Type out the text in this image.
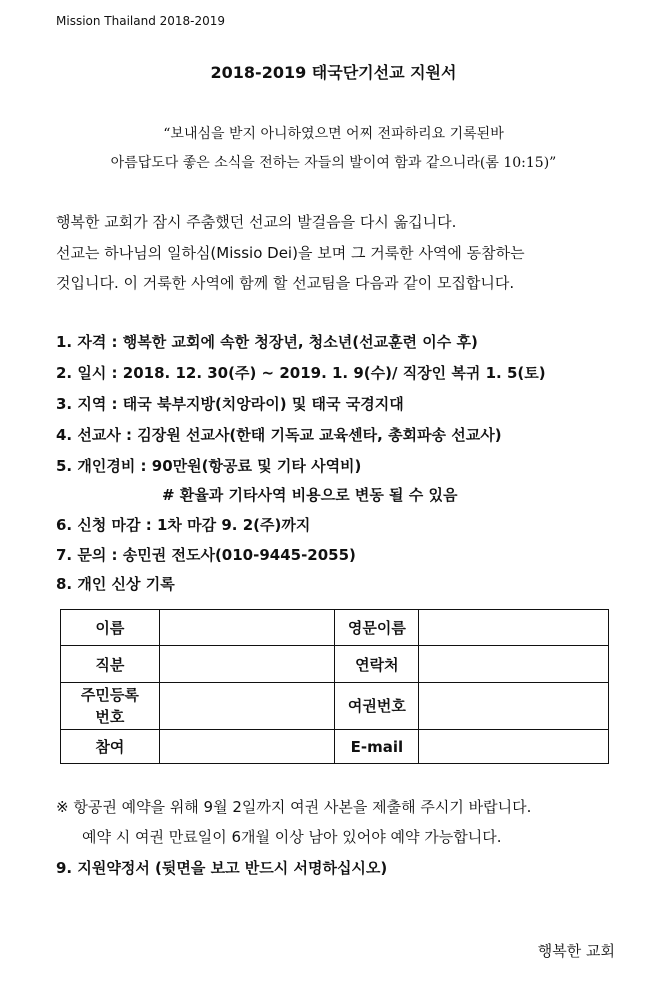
Mission Thailand 2018-2019
2018-2019 태국단기선교 지원서
“보내심을 받지 아니하였으면 어찌 전파하리요 기록된바
아름답도다 좋은 소식을 전하는 자들의 발이여 함과 같으니라(롬 10:15)”
행복한 교회가 잠시 주춤했던 선교의 발걸음을 다시 옮깁니다.
선교는 하나님의 일하심(Missio Dei)을 보며 그 거룩한 사역에 동참하는
것입니다. 이 거룩한 사역에 함께 할 선교팀을 다음과 같이 모집합니다.
1. 자격 : 행복한 교회에 속한 청장년, 청소년(선교훈련 이수 후)
2. 일시 : 2018. 12. 30(주) ~ 2019. 1. 9(수)/ 직장인 복귀 1. 5(토)
3. 지역 : 태국 북부지방(치앙라이) 및 태국 국경지대
4. 선교사 : 김장원 선교사(한태 기독교 교육센타, 총회파송 선교사)
5. 개인경비 : 90만원(항공료 및 기타 사역비)
# 환율과 기타사역 비용으로 변동 될 수 있음
6. 신청 마감 : 1차 마감 9. 2(주)까지
7. 문의 : 송민권 전도사(010-9445-2055)
8. 개인 신상 기록
이름		영문이름	
직분		연락처	

주민등록
번호		여권번호	
참여		E-mail	
※ 항공권 예약을 위해 9월 2일까지 여권 사본을 제출해 주시기 바랍니다.
예약 시 여권 만료일이 6개월 이상 남아 있어야 예약 가능합니다.
9. 지원약정서 (뒷면을 보고 반드시 서명하십시오)
행복한 교회
